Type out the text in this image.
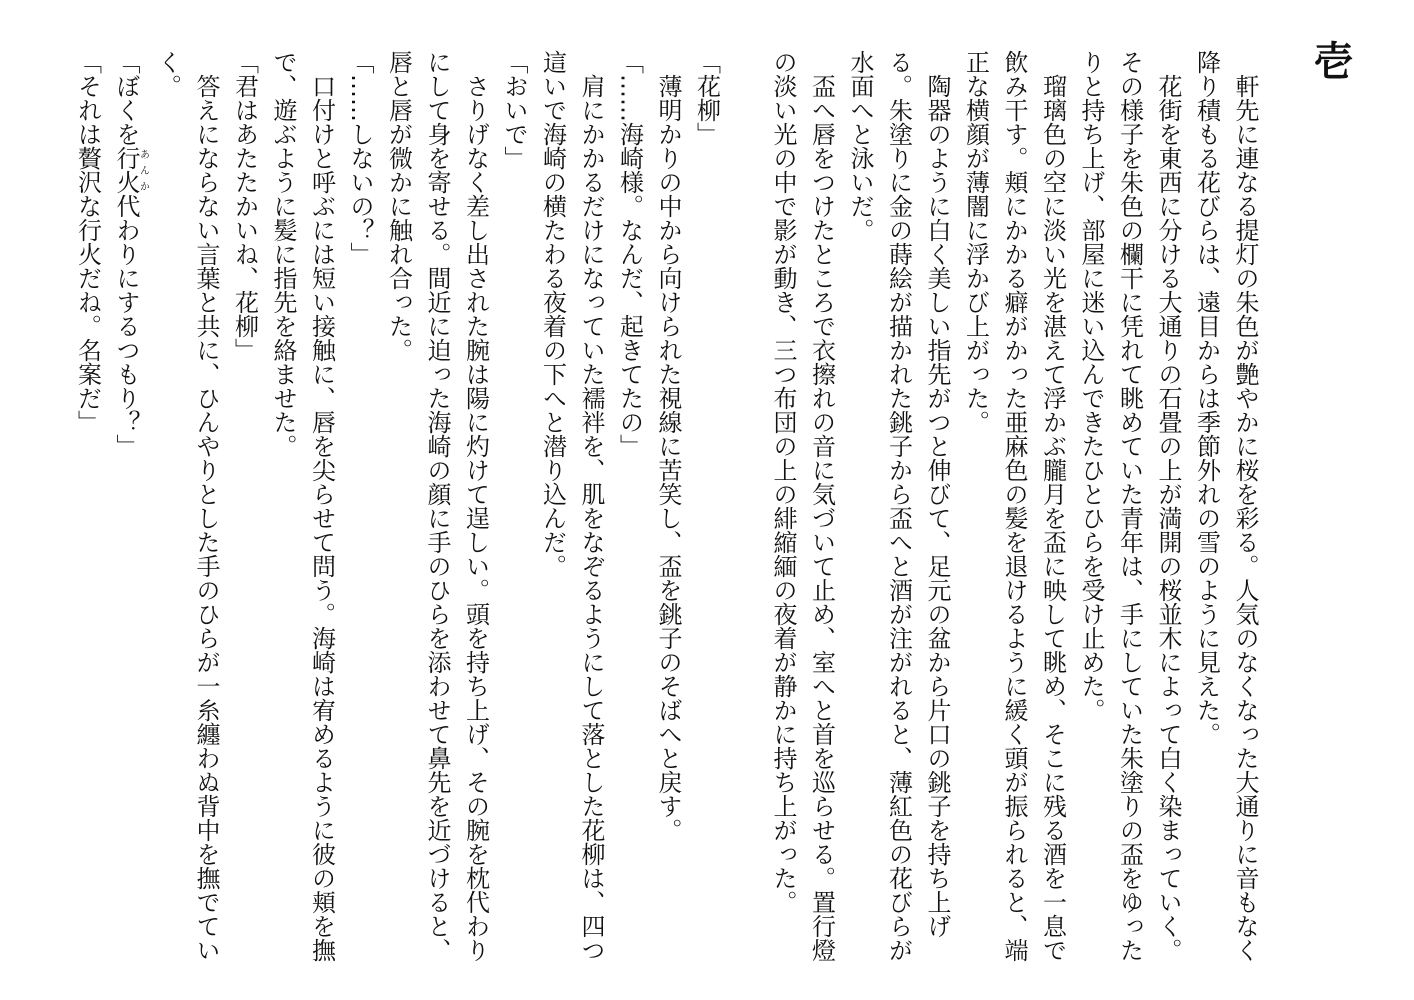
壱

軒先に連なる提灯の朱色が艶やかに桜を彩る。人気のなくなった大通りに音もなく降り積もる花びらは、遠目からは季節外れの雪のように見えた。

花街を東西に分ける大通りの石畳の上が満開の桜並木によって白く染まっていく。その様子を朱色の欄干に凭れて眺めていた青年は、手にしていた朱塗りの盃をゆったりと持ち上げ、部屋に迷い込んできたひとひらを受け止めた。

瑠璃色の空に淡い光を湛えて浮かぶ朧月を盃に映して眺め、そこに残る酒を一息で飲み干す。頬にかかる癖がかった亜麻色の髪を退けるように緩く頭が振られると、端正な横顔が薄闇に浮かび上がった。

陶器のように白く美しい指先がつと伸びて、足元の盆から片口の銚子を持ち上げる。朱塗りに金の蒔絵が描かれた銚子から盃へと酒が注がれると、薄紅色の花びらが水面へと泳いだ。

盃へ唇をつけたところで衣擦れの音に気づいて止め、室へと首を巡らせる。置行燈の淡い光の中で影が動き、三つ布団の上の緋縮緬の夜着が静かに持ち上がった。

「花柳」

薄明かりの中から向けられた視線に苦笑し、盃を銚子のそばへと戻す。

「……海崎様。なんだ、起きてたの」

肩にかかるだけになっていた襦袢を、肌をなぞるようにして落とした花柳は、四つ這いで海崎の横たわる夜着の下へと潜り込んだ。

「おいで」

さりげなく差し出された腕は陽に灼けて逞しい。頭を持ち上げ、その腕を枕代わりにして身を寄せる。間近に迫った海崎の顔に手のひらを添わせて鼻先を近づけると、唇と唇が微かに触れ合った。

「……しないの？」

口付けと呼ぶには短い接触に、唇を尖らせて問う。海崎は宥めるように彼の頬を撫で、遊ぶように髪に指先を絡ませた。

「君はあたたかいね、花柳」

答えにならない言葉と共に、ひんやりとした手のひらが一糸纏わぬ背中を撫でていく。

「ぼくを行火あんか代わりにするつもり？」

「それは贅沢な行火だね。名案だ」
